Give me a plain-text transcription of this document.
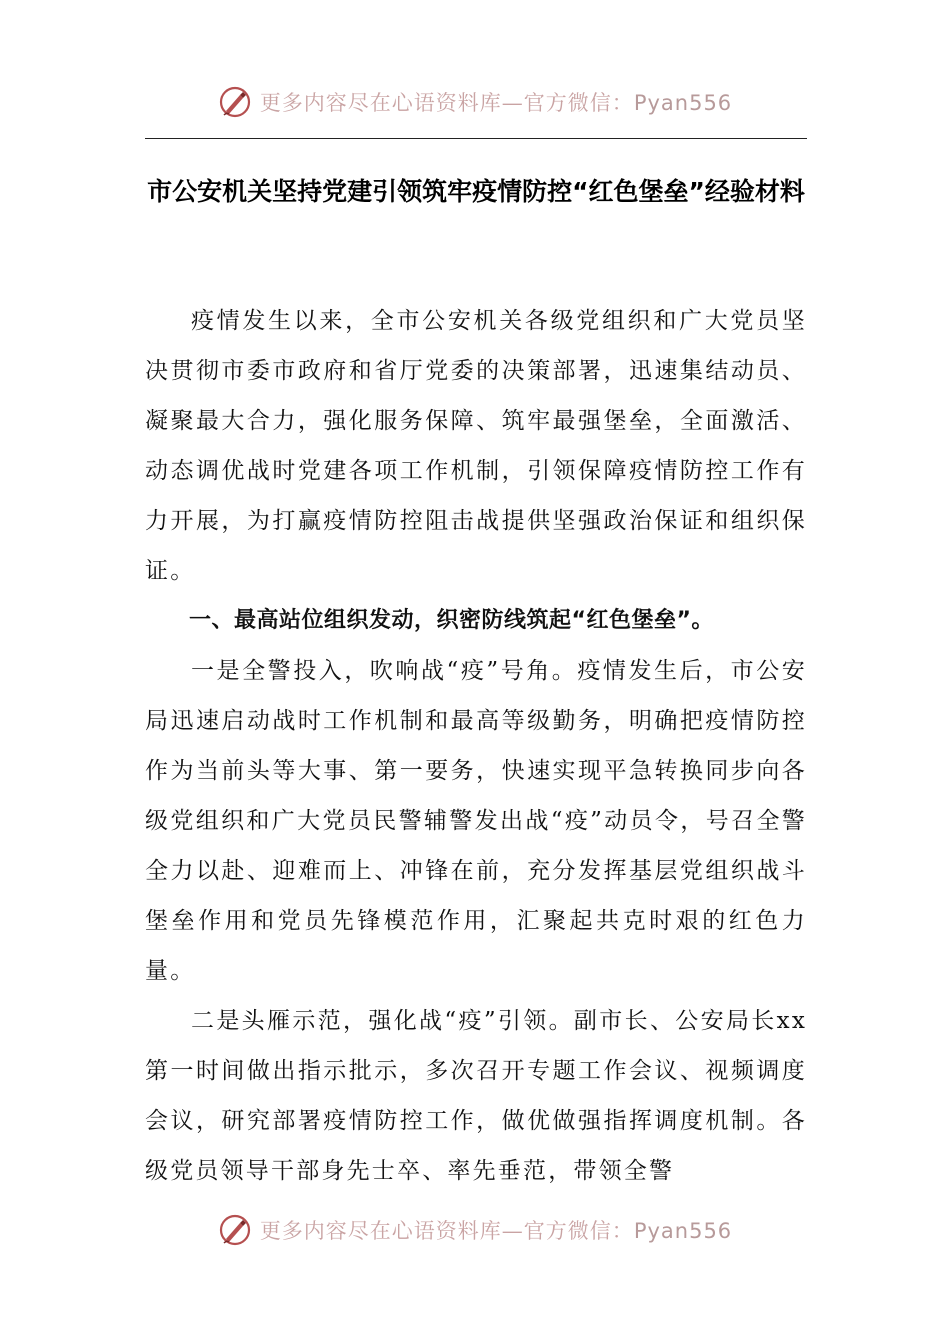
更多内容尽在心语资料库—官方微信：Pyan556
市公安机关坚持党建引领筑牢疫情防控“红色堡垒”经验材料

疫情发生以来，全市公安机关各级党组织和广大党员坚决贯彻市委市政府和省厅党委的决策部署，迅速集结动员、凝聚最大合力，强化服务保障、筑牢最强堡垒，全面激活、动态调优战时党建各项工作机制，引领保障疫情防控工作有力开展，为打赢疫情防控阻击战提供坚强政治保证和组织保证。

一、最高站位组织发动，织密防线筑起“红色堡垒”。

一是全警投入，吹响战“疫”号角。疫情发生后，市公安局迅速启动战时工作机制和最高等级勤务，明确把疫情防控作为当前头等大事、第一要务，快速实现平急转换同步向各级党组织和广大党员民警辅警发出战“疫”动员令，号召全警全力以赴、迎难而上、冲锋在前，充分发挥基层党组织战斗堡垒作用和党员先锋模范作用，汇聚起共克时艰的红色力量。

二是头雁示范，强化战“疫”引领。副市长、公安局长xx第一时间做出指示批示，多次召开专题工作会议、视频调度会议，研究部署疫情防控工作，做优做强指挥调度机制。各级党员领导干部身先士卒、率先垂范，带领全警

更多内容尽在心语资料库—官方微信：Pyan556
